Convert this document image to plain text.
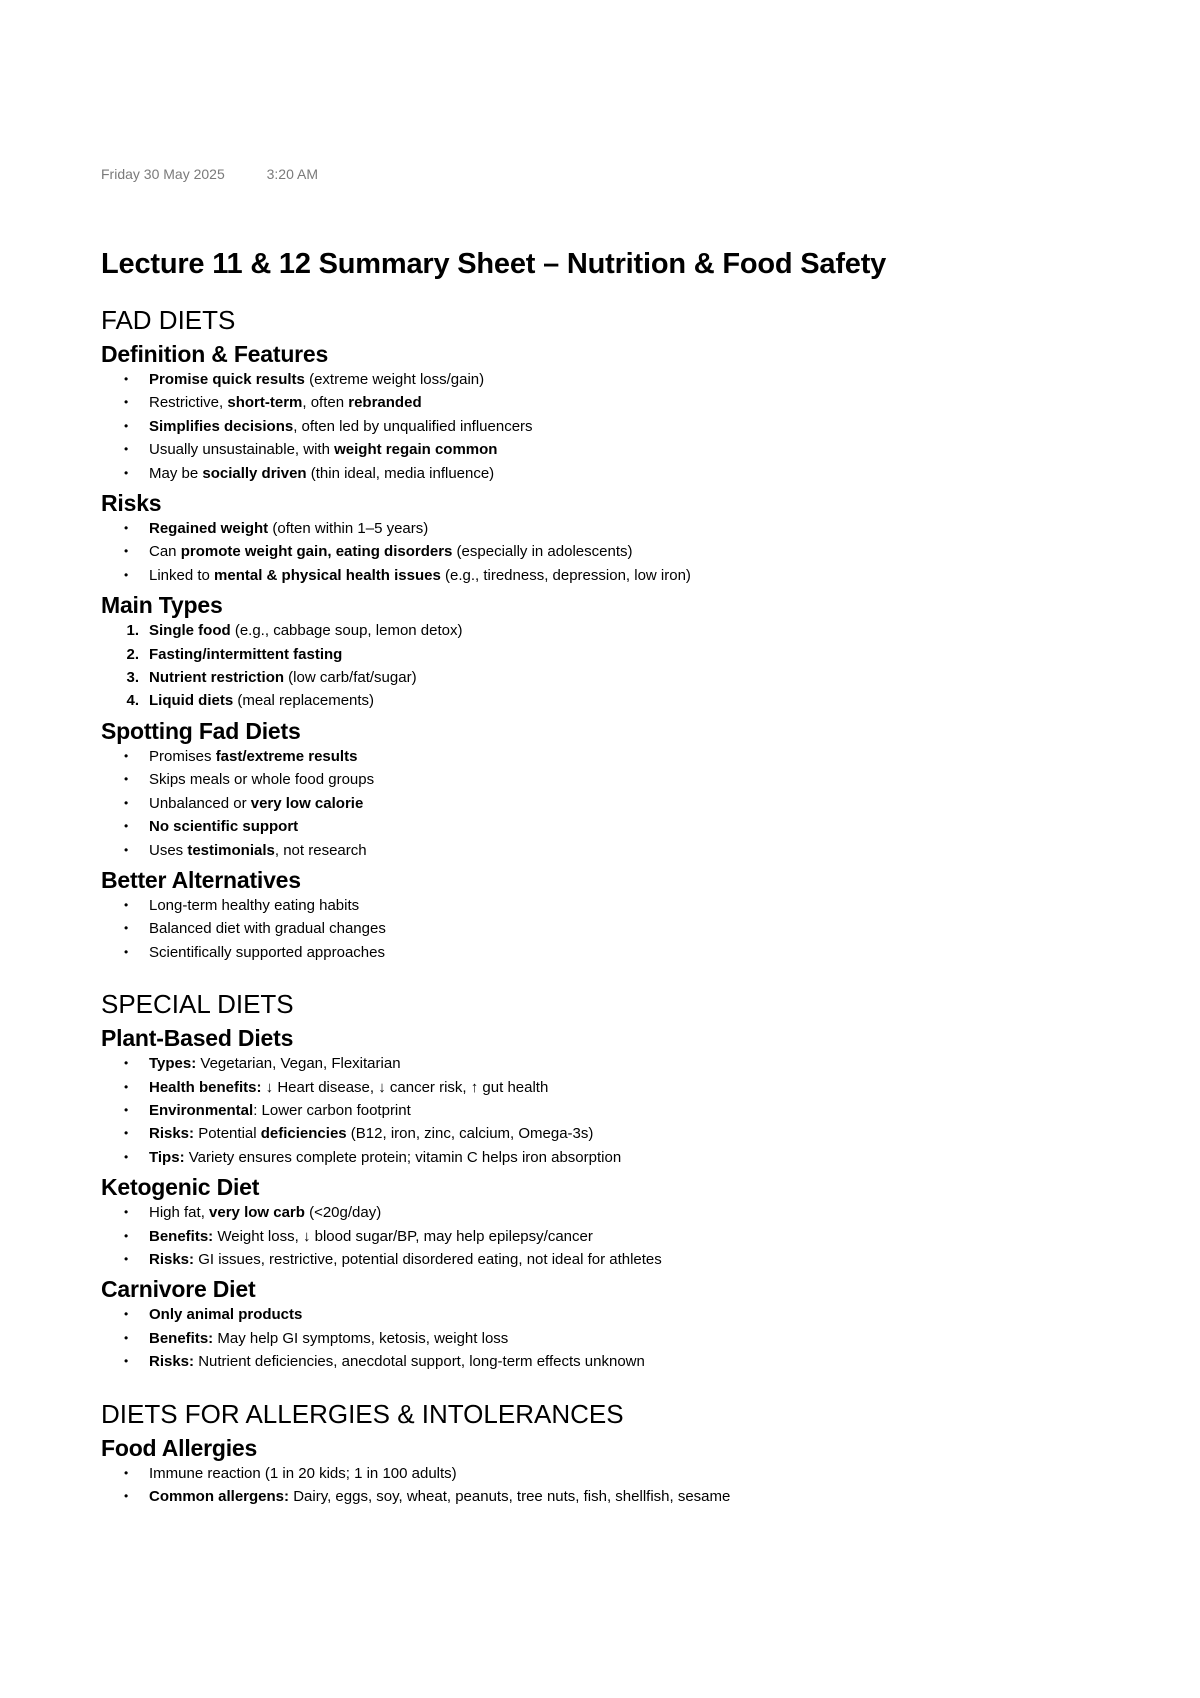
Friday 30 May 2025	3:20 AM
Lecture 11 & 12 Summary Sheet – Nutrition & Food Safety
FAD DIETS
Definition & Features
• Promise quick results (extreme weight loss/gain)
• Restrictive, short-term, often rebranded
• Simplifies decisions, often led by unqualified influencers
• Usually unsustainable, with weight regain common
• May be socially driven (thin ideal, media influence)
Risks
• Regained weight (often within 1–5 years)
• Can promote weight gain, eating disorders (especially in adolescents)
• Linked to mental & physical health issues (e.g., tiredness, depression, low iron)
Main Types
1. Single food (e.g., cabbage soup, lemon detox)
2. Fasting/intermittent fasting
3. Nutrient restriction (low carb/fat/sugar)
4. Liquid diets (meal replacements)
Spotting Fad Diets
• Promises fast/extreme results
• Skips meals or whole food groups
• Unbalanced or very low calorie
• No scientific support
• Uses testimonials, not research
Better Alternatives
• Long-term healthy eating habits
• Balanced diet with gradual changes
• Scientifically supported approaches
SPECIAL DIETS
Plant-Based Diets
• Types: Vegetarian, Vegan, Flexitarian
• Health benefits: ↓ Heart disease, ↓ cancer risk, ↑ gut health
• Environmental: Lower carbon footprint
• Risks: Potential deficiencies (B12, iron, zinc, calcium, Omega-3s)
• Tips: Variety ensures complete protein; vitamin C helps iron absorption
Ketogenic Diet
• High fat, very low carb (<20g/day)
• Benefits: Weight loss, ↓ blood sugar/BP, may help epilepsy/cancer
• Risks: GI issues, restrictive, potential disordered eating, not ideal for athletes
Carnivore Diet
• Only animal products
• Benefits: May help GI symptoms, ketosis, weight loss
• Risks: Nutrient deficiencies, anecdotal support, long-term effects unknown
DIETS FOR ALLERGIES & INTOLERANCES
Food Allergies
• Immune reaction (1 in 20 kids; 1 in 100 adults)
• Common allergens: Dairy, eggs, soy, wheat, peanuts, tree nuts, fish, shellfish, sesame
